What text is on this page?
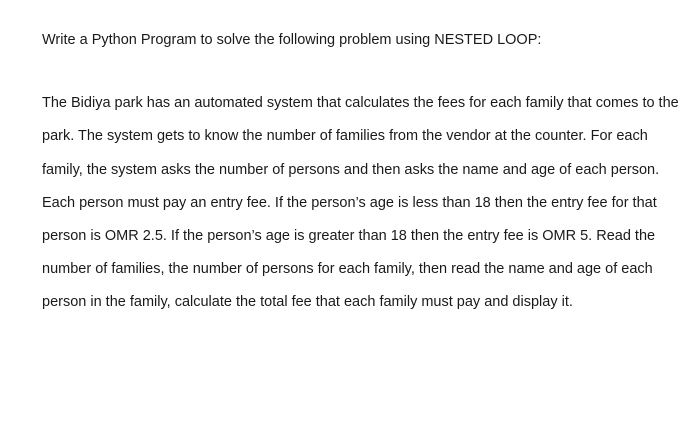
Write a Python Program to solve the following problem using NESTED LOOP:
The Bidiya park has an automated system that calculates the fees for each family that comes to the
park. The system gets to know the number of families from the vendor at the counter. For each
family, the system asks the number of persons and then asks the name and age of each person.
Each person must pay an entry fee. If the person’s age is less than 18 then the entry fee for that
person is OMR 2.5. If the person’s age is greater than 18 then the entry fee is OMR 5. Read the
number of families, the number of persons for each family, then read the name and age of each
person in the family, calculate the total fee that each family must pay and display it.
